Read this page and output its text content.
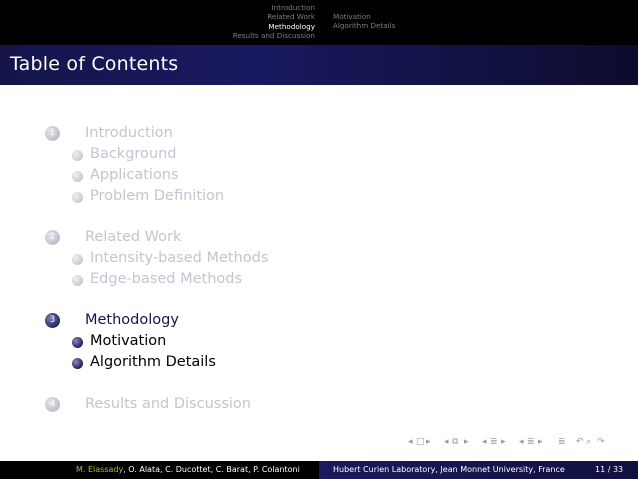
Introduction
Related Work
Methodology
Results and Discussion
Motivation
Algorithm Details
Table of Contents
1	Introduction
Background
Applications
Problem Definition
2	Related Work
Intensity-based Methods
Edge-based Methods
3	Methodology
Motivation
Algorithm Details
4	Results and Discussion
◂ □ ▸ ◂ ⧉ ▸ ◂ ≣ ▸ ◂ ≣ ▸ ≣ ↶ ⌕ ↷
M. Elassady, O. Alata, C. Ducottet, C. Barat, P. Colantoni	Hubert Curien Laboratory, Jean Monnet University, France	11 / 33
